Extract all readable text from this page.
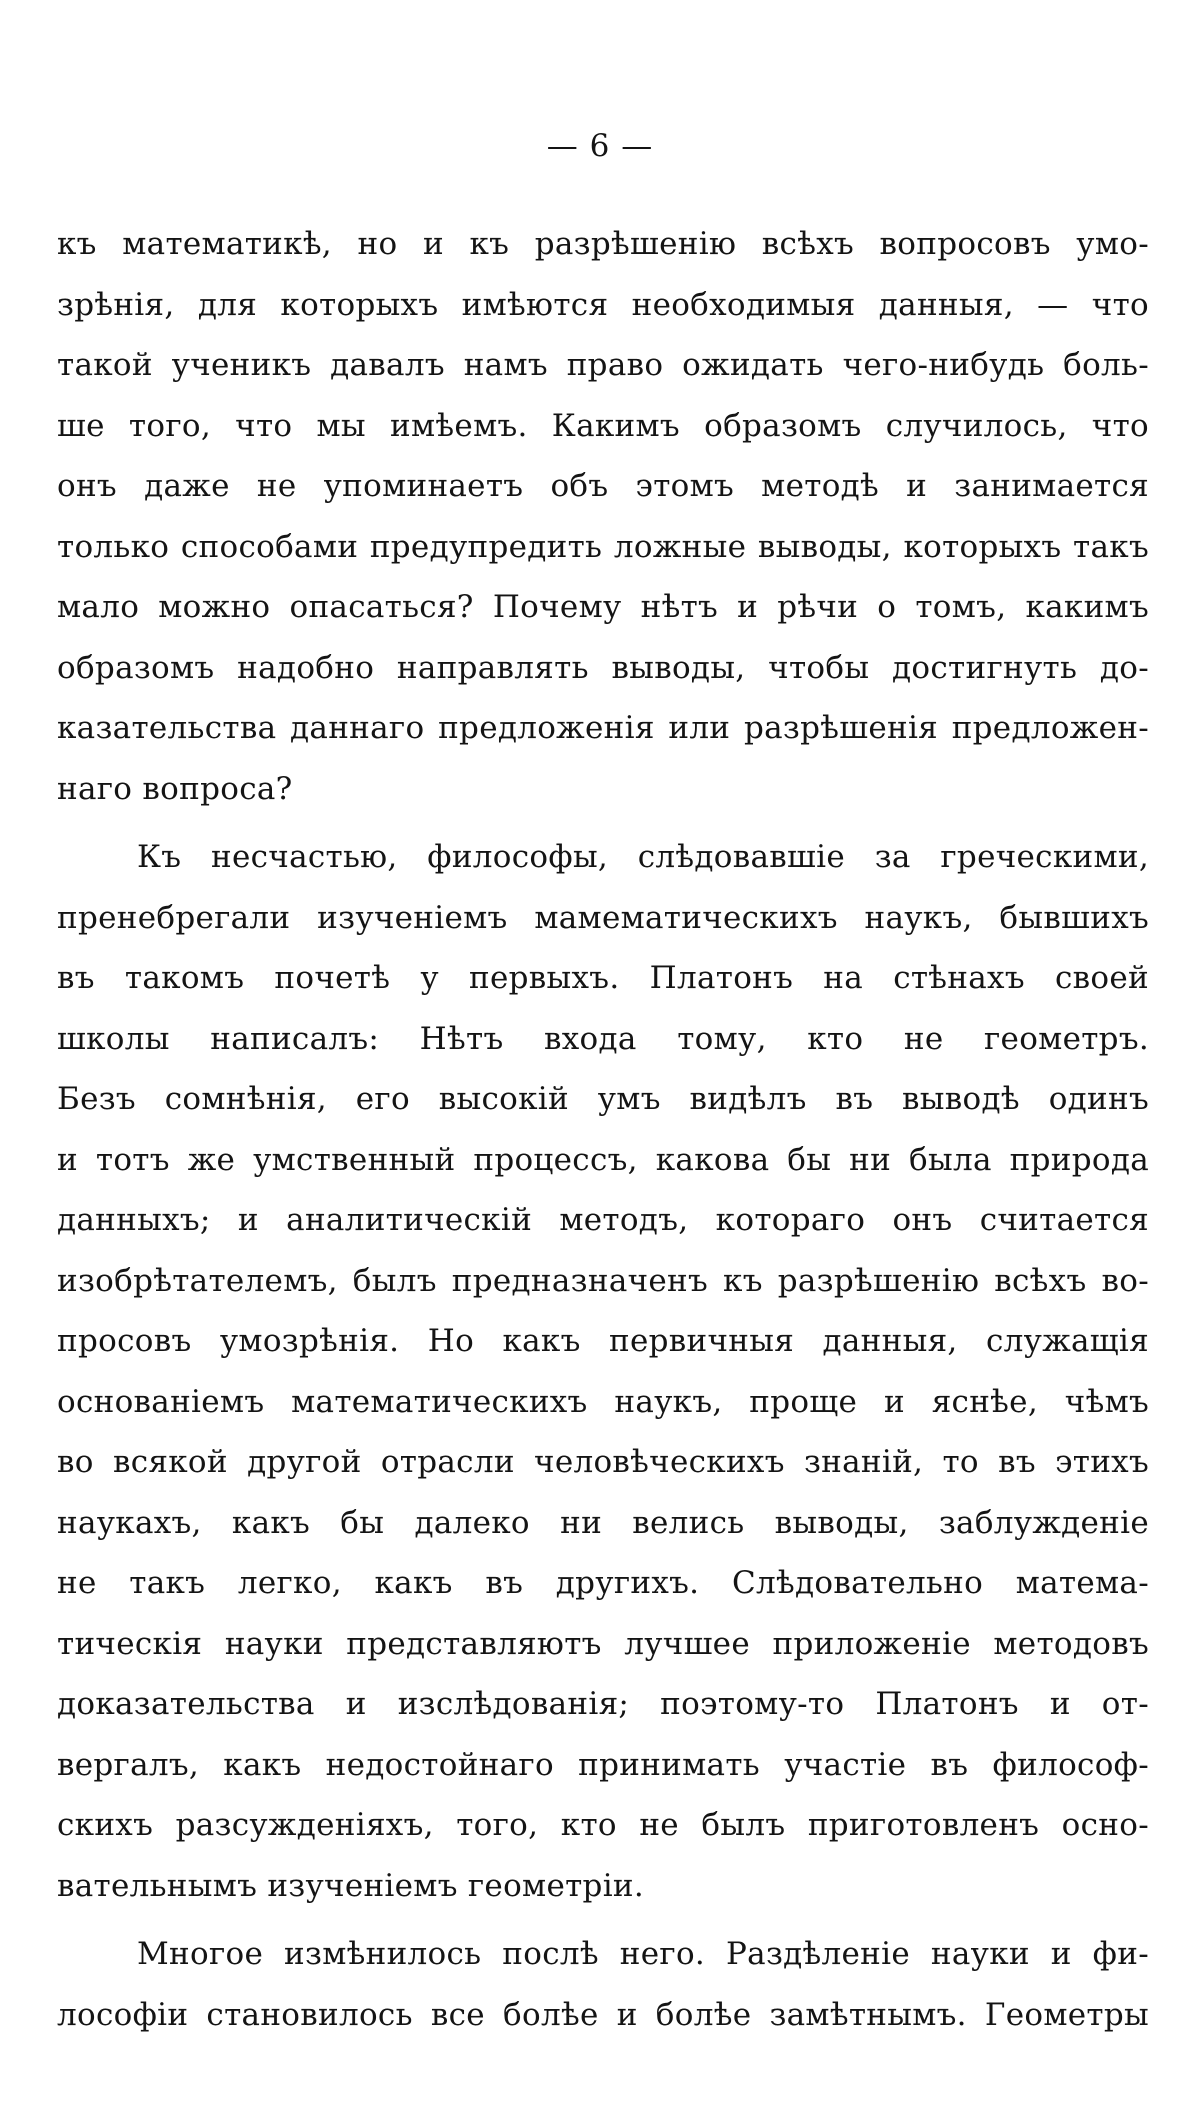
— 6 —
къ математикѣ, но и къ разрѣшенію всѣхъ вопросовъ умо-
зрѣнія, для которыхъ имѣются необходимыя данныя, — что
такой ученикъ давалъ намъ право ожидать чего-нибудь боль-
ше того, что мы имѣемъ. Какимъ образомъ случилось, что
онъ даже не упоминаетъ объ этомъ методѣ и занимается
только способами предупредить ложные выводы, которыхъ такъ
мало можно опасаться? Почему нѣтъ и рѣчи о томъ, какимъ
образомъ надобно направлять выводы, чтобы достигнуть до-
казательства даннаго предложенія или разрѣшенія предложен-
наго вопроса?
Къ несчастью, философы, слѣдовавшіе за греческими,
пренебрегали изученіемъ мамематическихъ наукъ, бывшихъ
въ такомъ почетѣ у первыхъ. Платонъ на стѣнахъ своей
школы написалъ: Нѣтъ входа тому, кто не геометръ.
Безъ сомнѣнія, его высокій умъ видѣлъ въ выводѣ одинъ
и тотъ же умственный процессъ, какова бы ни была природа
данныхъ; и аналитическій методъ, котораго онъ считается
изобрѣтателемъ, былъ предназначенъ къ разрѣшенію всѣхъ во-
просовъ умозрѣнія. Но какъ первичныя данныя, служащія
основаніемъ математическихъ наукъ, проще и яснѣе, чѣмъ
во всякой другой отрасли человѣческихъ знаній, то въ этихъ
наукахъ, какъ бы далеко ни велись выводы, заблужденіе
не такъ легко, какъ въ другихъ. Слѣдовательно матема-
тическія науки представляютъ лучшее приложеніе методовъ
доказательства и изслѣдованія; поэтому-то Платонъ и от-
вергалъ, какъ недостойнаго принимать участіе въ философ-
скихъ разсужденіяхъ, того, кто не былъ приготовленъ осно-
вательнымъ изученіемъ геометріи.
Многое измѣнилось послѣ него. Раздѣленіе науки и фи-
лософіи становилось все болѣе и болѣе замѣтнымъ. Геометры
